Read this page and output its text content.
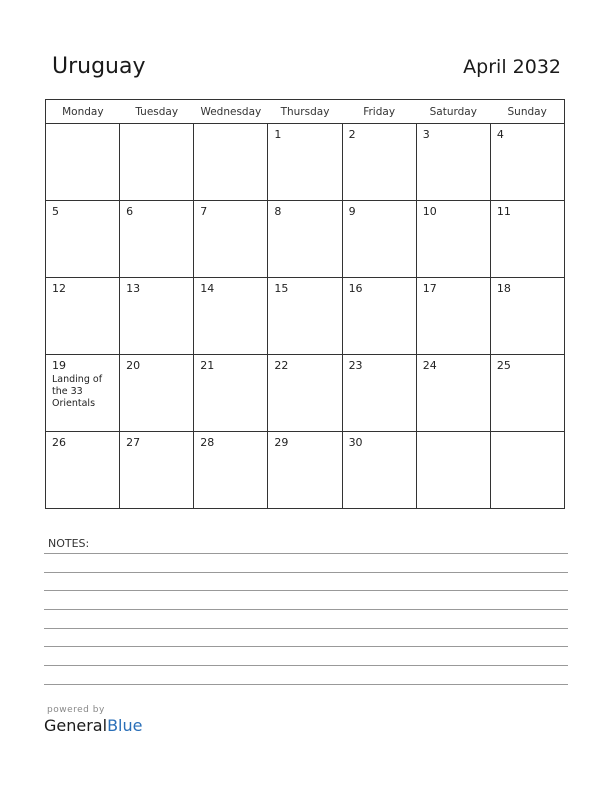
Uruguay	April 2032
Monday	Tuesday	Wednesday	Thursday	Friday	Saturday	Sunday

			1	2	3	4

5	6	7	8	9	10	11

12	13	14	15	16	17	18

19
Landing of the 33 Orientals	20	21	22	23	24	25

26	27	28	29	30		

NOTES:
powered by
GeneralBlue
